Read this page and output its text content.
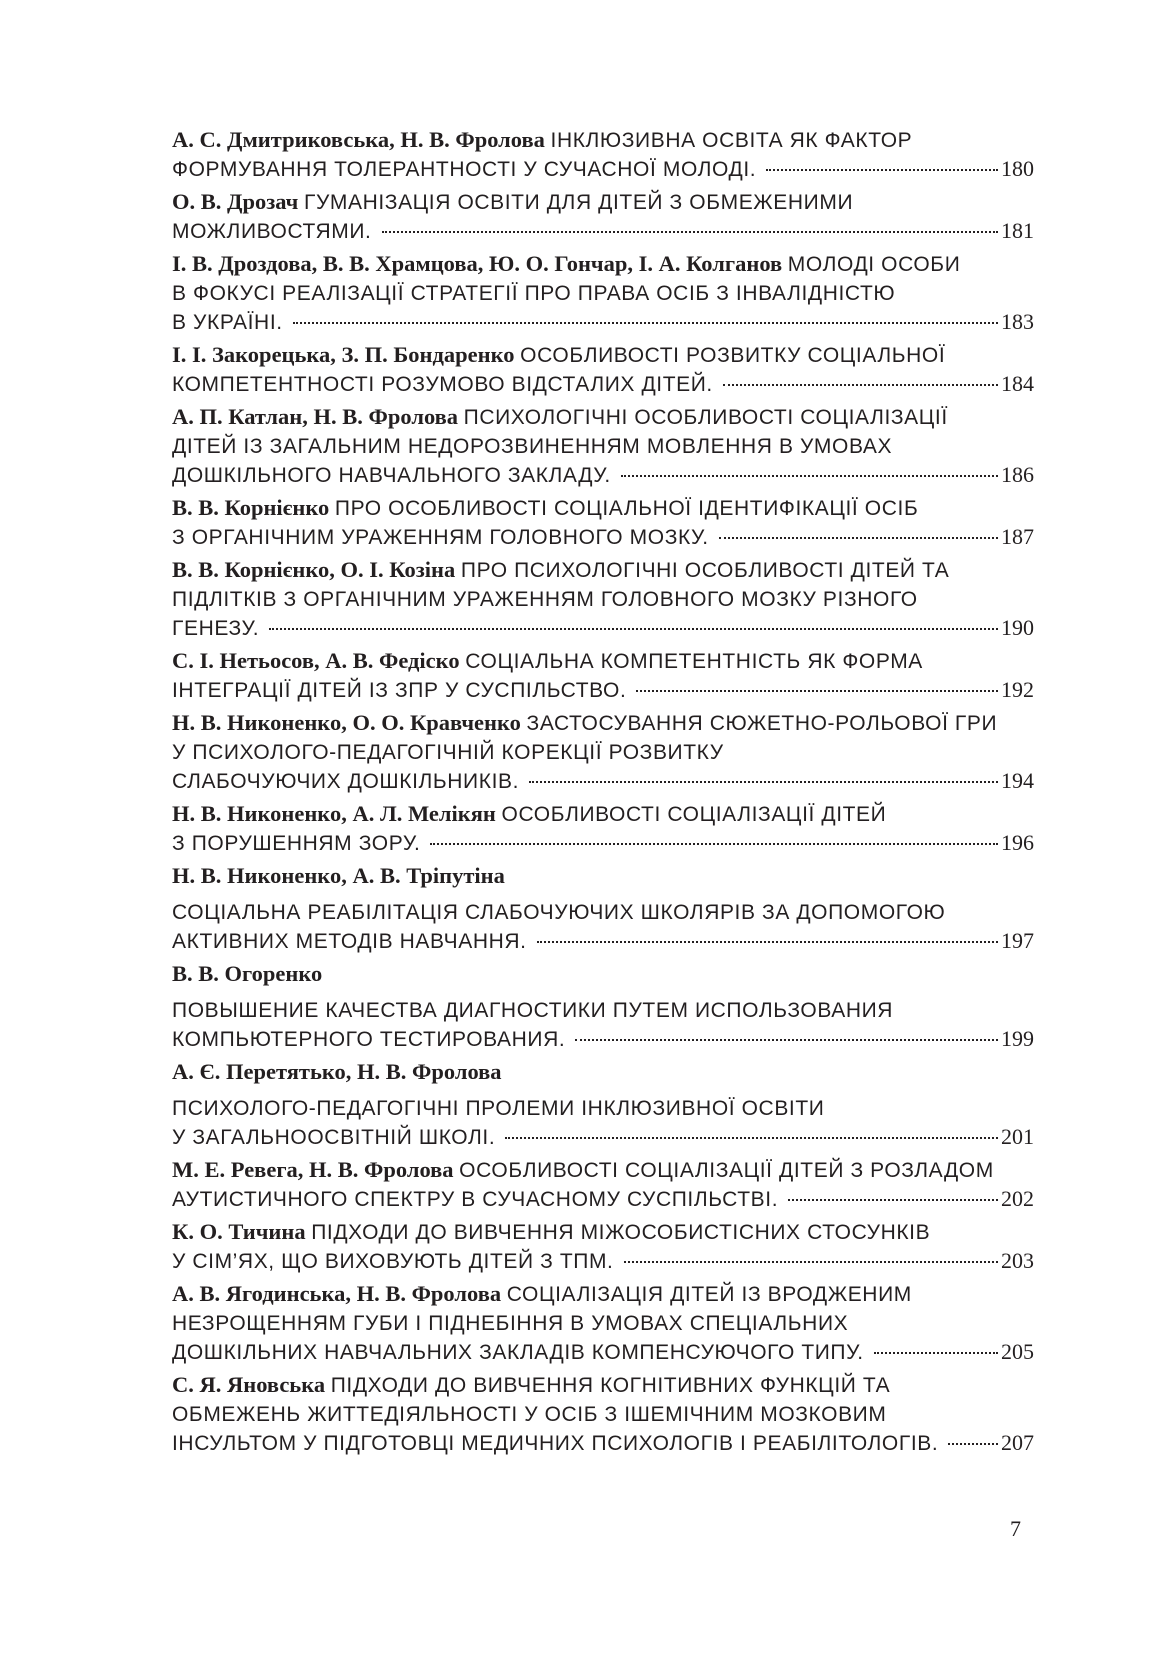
А. С. Дмитриковська, Н. В. Фролова ІНКЛЮЗИВНА ОСВІТА ЯК ФАКТОР
ФОРМУВАННЯ ТОЛЕРАНТНОСТІ У СУЧАСНОЇ МОЛОДІ.	180
О. В. Дрозач ГУМАНІЗАЦІЯ ОСВІТИ ДЛЯ ДІТЕЙ З ОБМЕЖЕНИМИ
МОЖЛИВОСТЯМИ.	181
І. В. Дроздова, В. В. Храмцова, Ю. О. Гончар, І. А. Колганов МОЛОДІ ОСОБИ
В ФОКУСІ РЕАЛІЗАЦІЇ СТРАТЕГІЇ ПРО ПРАВА ОСІБ З ІНВАЛІДНІСТЮ
В УКРАЇНІ.	183
І. І. Закорецька, З. П. Бондаренко ОСОБЛИВОСТІ РОЗВИТКУ СОЦІАЛЬНОЇ
КОМПЕТЕНТНОСТІ РОЗУМОВО ВІДСТАЛИХ ДІТЕЙ.	184
А. П. Катлан, Н. В. Фролова ПСИХОЛОГІЧНІ ОСОБЛИВОСТІ СОЦІАЛІЗАЦІЇ
ДІТЕЙ ІЗ ЗАГАЛЬНИМ НЕДОРОЗВИНЕННЯМ МОВЛЕННЯ В УМОВАХ
ДОШКІЛЬНОГО НАВЧАЛЬНОГО ЗАКЛАДУ.	186
В. В. Корнієнко ПРО ОСОБЛИВОСТІ СОЦІАЛЬНОЇ ІДЕНТИФІКАЦІЇ ОСІБ
З ОРГАНІЧНИМ УРАЖЕННЯМ ГОЛОВНОГО МОЗКУ.	187
В. В. Корнієнко, О. І. Козіна ПРО ПСИХОЛОГІЧНІ ОСОБЛИВОСТІ ДІТЕЙ ТА
ПІДЛІТКІВ З ОРГАНІЧНИМ УРАЖЕННЯМ ГОЛОВНОГО МОЗКУ РІЗНОГО
ГЕНЕЗУ.	190
С. І. Нетьосов, А. В. Федіско СОЦІАЛЬНА КОМПЕТЕНТНІСТЬ ЯК ФОРМА
ІНТЕГРАЦІЇ ДІТЕЙ ІЗ ЗПР У СУСПІЛЬСТВО.	192
Н. В. Никоненко, О. О. Кравченко ЗАСТОСУВАННЯ СЮЖЕТНО-РОЛЬОВОЇ ГРИ
У ПСИХОЛОГО-ПЕДАГОГІЧНІЙ КОРЕКЦІЇ РОЗВИТКУ
СЛАБОЧУЮЧИХ ДОШКІЛЬНИКІВ.	194
Н. В. Никоненко, А. Л. Мелікян ОСОБЛИВОСТІ СОЦІАЛІЗАЦІЇ ДІТЕЙ
З ПОРУШЕННЯМ ЗОРУ.	196
Н. В. Никоненко, А. В. Тріпутіна
СОЦІАЛЬНА РЕАБІЛІТАЦІЯ СЛАБОЧУЮЧИХ ШКОЛЯРІВ ЗА ДОПОМОГОЮ
АКТИВНИХ МЕТОДІВ НАВЧАННЯ.	197
В. В. Огоренко
ПОВЫШЕНИЕ КАЧЕСТВА ДИАГНОСТИКИ ПУТЕМ ИСПОЛЬЗОВАНИЯ
КОМПЬЮТЕРНОГО ТЕСТИРОВАНИЯ.	199
А. Є. Перетятько, Н. В. Фролова
ПСИХОЛОГО-ПЕДАГОГІЧНІ ПРОЛЕМИ ІНКЛЮЗИВНОЇ ОСВІТИ
У ЗАГАЛЬНООСВІТНІЙ ШКОЛІ.	201
М. Е. Ревега, Н. В. Фролова ОСОБЛИВОСТІ СОЦІАЛІЗАЦІЇ ДІТЕЙ З РОЗЛАДОМ
АУТИСТИЧНОГО СПЕКТРУ В СУЧАСНОМУ СУСПІЛЬСТВІ.	202
К. О. Тичина ПІДХОДИ ДО ВИВЧЕННЯ МІЖОСОБИСТІСНИХ СТОСУНКІВ
У СІМ’ЯХ, ЩО ВИХОВУЮТЬ ДІТЕЙ З ТПМ.	203
А. В. Ягодинська, Н. В. Фролова СОЦІАЛІЗАЦІЯ ДІТЕЙ ІЗ ВРОДЖЕНИМ
НЕЗРОЩЕННЯМ ГУБИ І ПІДНЕБІННЯ В УМОВАХ СПЕЦІАЛЬНИХ
ДОШКІЛЬНИХ НАВЧАЛЬНИХ ЗАКЛАДІВ КОМПЕНСУЮЧОГО ТИПУ.	205
С. Я. Яновська ПІДХОДИ ДО ВИВЧЕННЯ КОГНІТИВНИХ ФУНКЦІЙ ТА
ОБМЕЖЕНЬ ЖИТТЕДІЯЛЬНОСТІ У ОСІБ З ІШЕМІЧНИМ МОЗКОВИМ
ІНСУЛЬТОМ У ПІДГОТОВЦІ МЕДИЧНИХ ПСИХОЛОГІВ І РЕАБІЛІТОЛОГІВ.	207
7
